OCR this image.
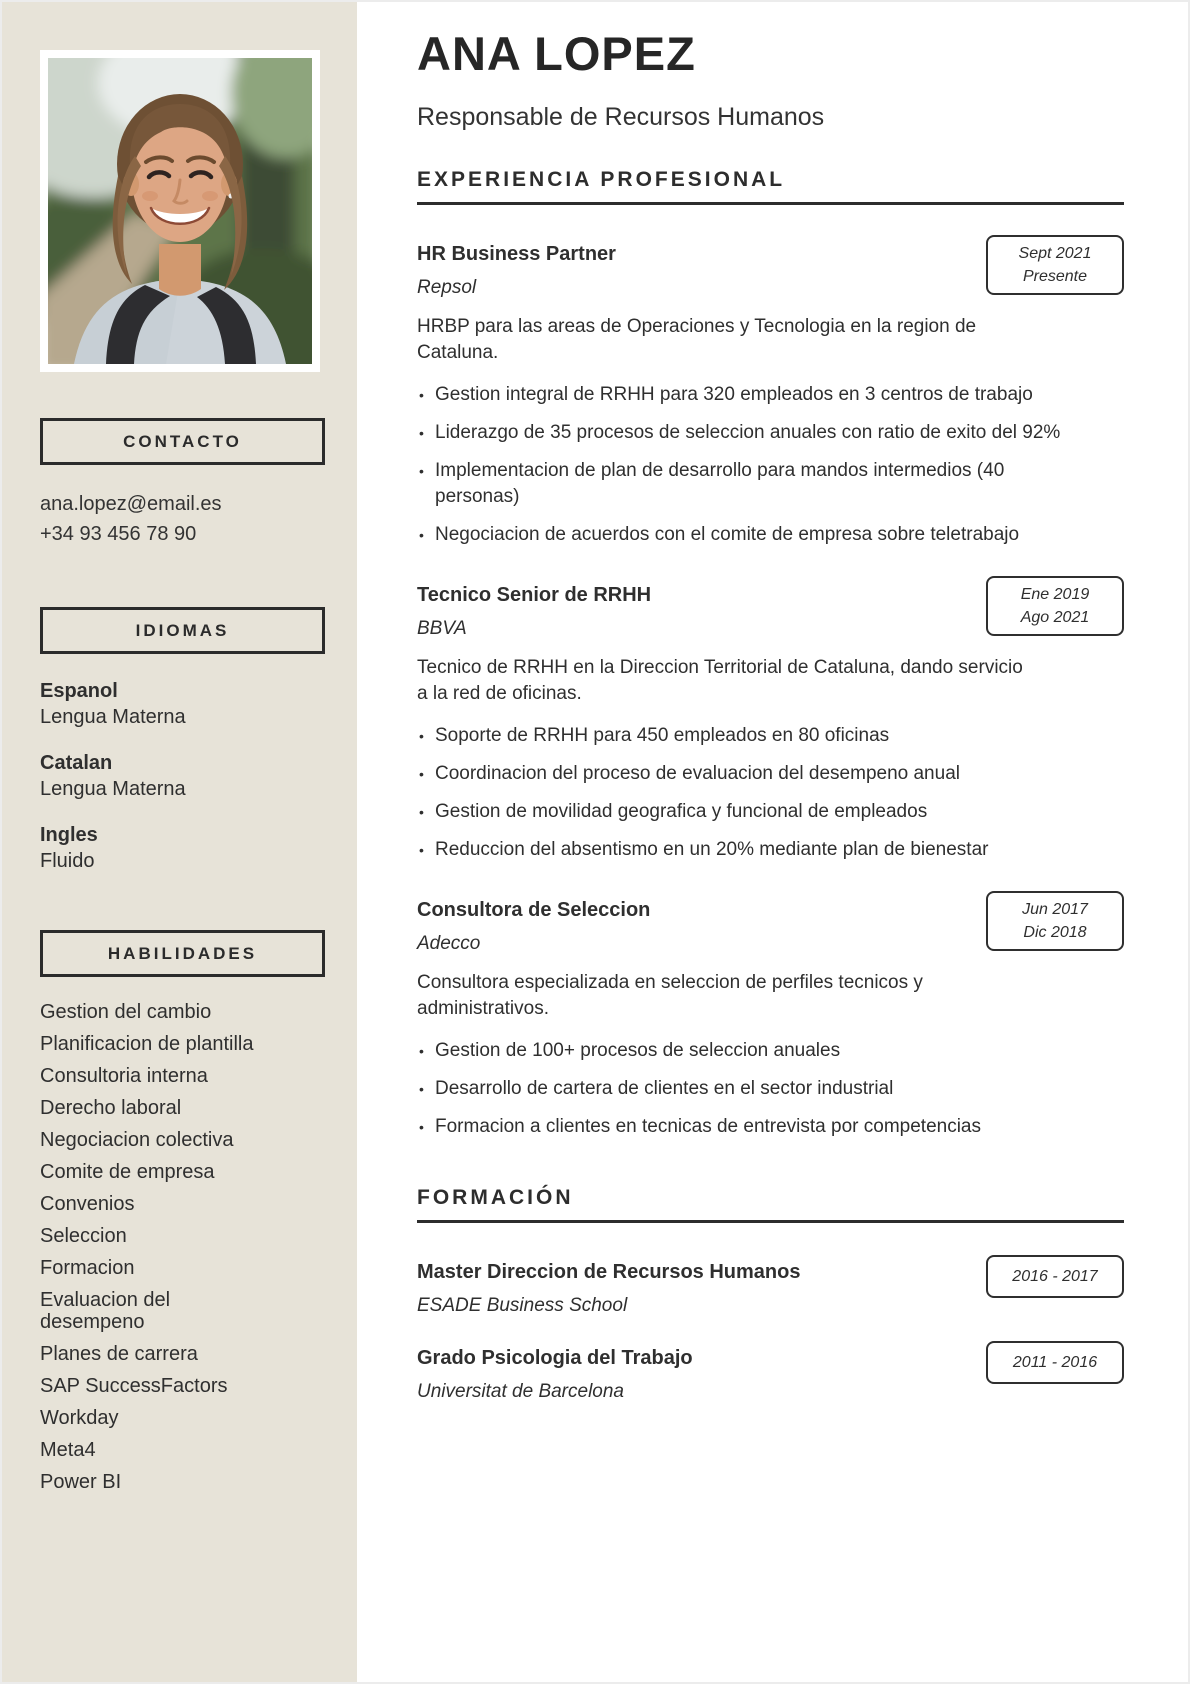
CONTACTO
ana.lopez@email.es
+34 93 456 78 90
IDIOMAS
Espanol
Lengua Materna
Catalan
Lengua Materna
Ingles
Fluido
HABILIDADES
Gestion del cambio
Planificacion de plantilla
Consultoria interna
Derecho laboral
Negociacion colectiva
Comite de empresa
Convenios
Seleccion
Formacion
Evaluacion del desempeno
Planes de carrera
SAP SuccessFactors
Workday
Meta4
Power BI
ANA LOPEZ
Responsable de Recursos Humanos
EXPERIENCIA PROFESIONAL
HR Business Partner	Sept 2021
Presente
Repsol

HRBP para las areas de Operaciones y Tecnologia en la region de Cataluna.

• Gestion integral de RRHH para 320 empleados en 3 centros de trabajo
• Liderazgo de 35 procesos de seleccion anuales con ratio de exito del 92%
• Implementacion de plan de desarrollo para mandos intermedios (40 personas)
• Negociacion de acuerdos con el comite de empresa sobre teletrabajo
Tecnico Senior de RRHH	Ene 2019
Ago 2021
BBVA

Tecnico de RRHH en la Direccion Territorial de Cataluna, dando servicio a la red de oficinas.

• Soporte de RRHH para 450 empleados en 80 oficinas
• Coordinacion del proceso de evaluacion del desempeno anual
• Gestion de movilidad geografica y funcional de empleados
• Reduccion del absentismo en un 20% mediante plan de bienestar
Consultora de Seleccion	Jun 2017
Dic 2018
Adecco

Consultora especializada en seleccion de perfiles tecnicos y administrativos.

• Gestion de 100+ procesos de seleccion anuales
• Desarrollo de cartera de clientes en el sector industrial
• Formacion a clientes en tecnicas de entrevista por competencias
FORMACIÓN
Master Direccion de Recursos Humanos	2016 - 2017
ESADE Business School
Grado Psicologia del Trabajo	2011 - 2016
Universitat de Barcelona
